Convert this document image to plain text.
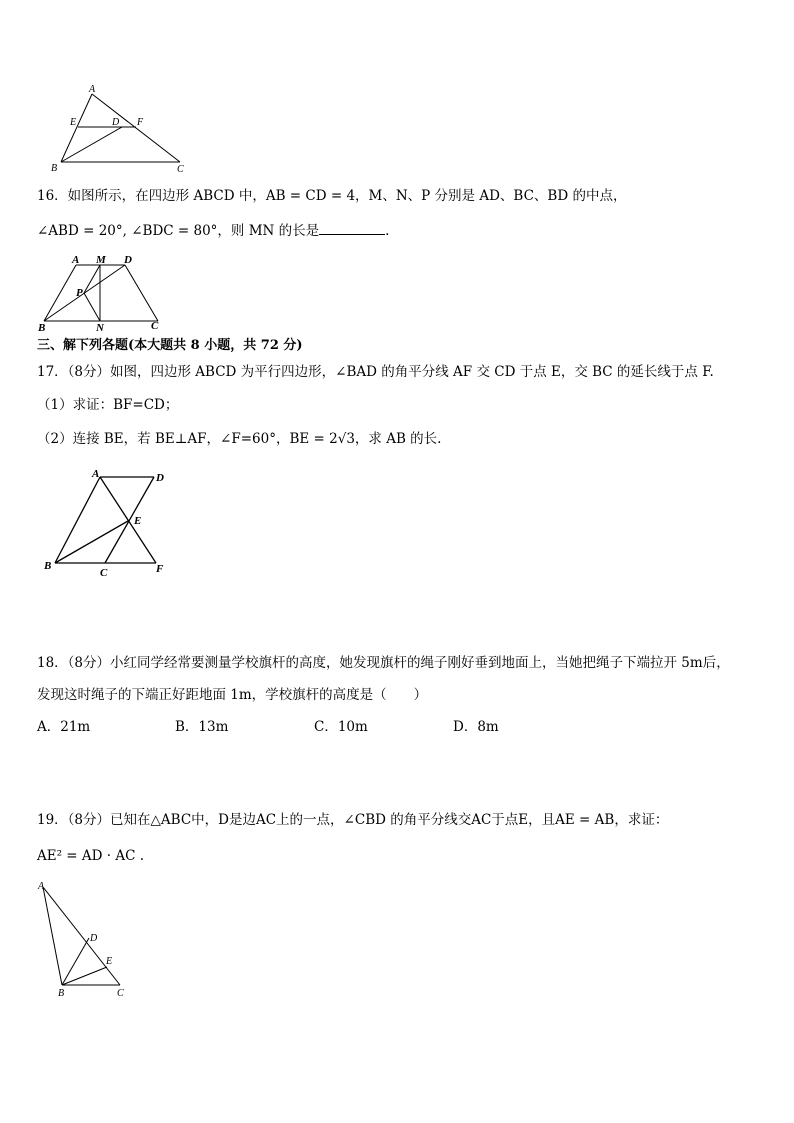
A
E	D F
B	C
16．如图所示，在四边形 ABCD 中，AB = CD = 4，M、N、P 分别是 AD、BC、BD 的中点，
∠ABD = 20°, ∠BDC = 80°，则 MN 的长是	.
A M D
P
B	N	C
三、解下列各题(本大题共 8 小题，共 72 分)
17．（8分）如图，四边形 ABCD 为平行四边形，∠BAD 的角平分线 AF 交 CD 于点 E，交 BC 的延长线于点 F.
（1）求证：BF=CD；
（2）连接 BE，若 BE⊥AF，∠F=60°，BE = 2√3，求 AB 的长.
A	D
E
B
C	F
18．（8分）小红同学经常要测量学校旗杆的高度，她发现旗杆的绳子刚好垂到地面上，当她把绳子下端拉开 5m后，
发现这时绳子的下端正好距地面 1m，学校旗杆的高度是（　　）
A．21m	B．13m	C．10m	D．8m
19．（8分）已知在△ABC中，D是边AC上的一点，∠CBD 的角平分线交AC于点E，且AE = AB，求证：
AE² = AD · AC .
A
D
E
B	C
